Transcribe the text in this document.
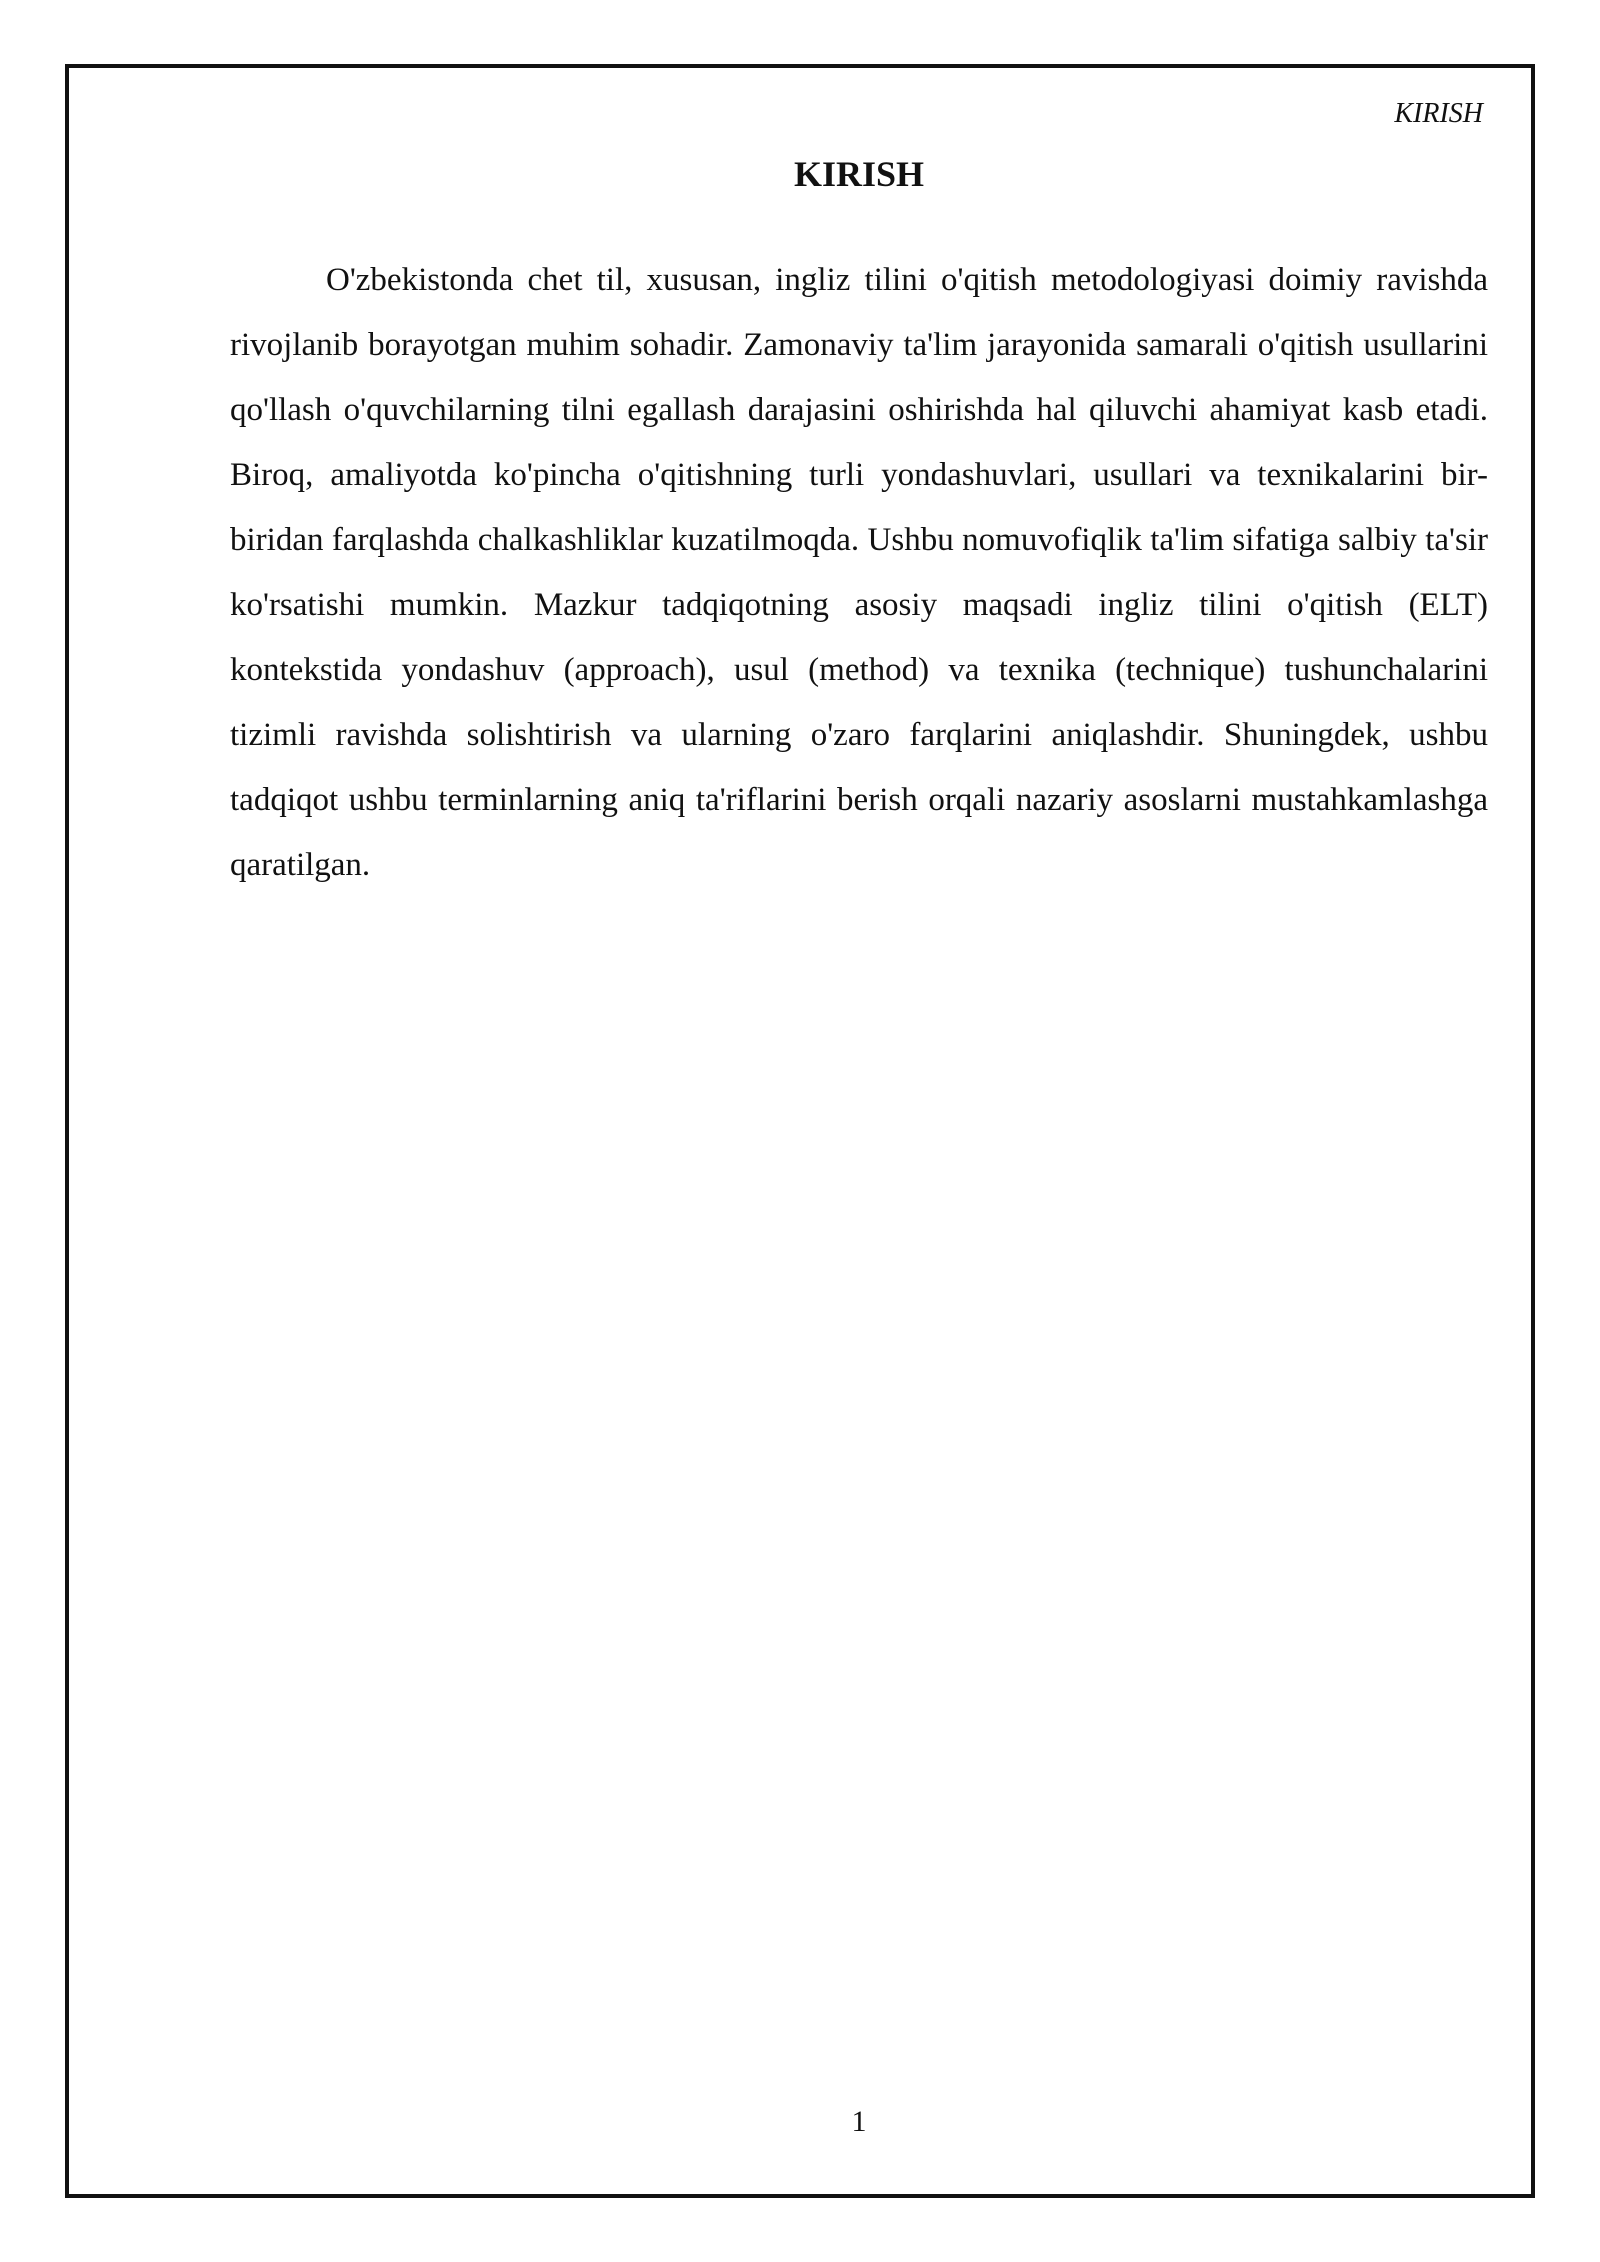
KIRISH
KIRISH

O'zbekistonda chet til, xususan, ingliz tilini o'qitish metodologiyasi doimiy ravishda rivojlanib borayotgan muhim sohadir. Zamonaviy ta'lim jarayonida samarali o'qitish usullarini qo'llash o'quvchilarning tilni egallash darajasini oshirishda hal qiluvchi ahamiyat kasb etadi. Biroq, amaliyotda ko'pincha o'qitishning turli yondashuvlari, usullari va texnikalarini bir-biridan farqlashda chalkashliklar kuzatilmoqda. Ushbu nomuvofiqlik ta'lim sifatiga salbiy ta'sir ko'rsatishi mumkin. Mazkur tadqiqotning asosiy maqsadi ingliz tilini o'qitish (ELT) kontekstida yondashuv (approach), usul (method) va texnika (technique) tushunchalarini tizimli ravishda solishtirish va ularning o'zaro farqlarini aniqlashdir. Shuningdek, ushbu tadqiqot ushbu terminlarning aniq ta'riflarini berish orqali nazariy asoslarni mustahkamlashga qaratilgan.

1
